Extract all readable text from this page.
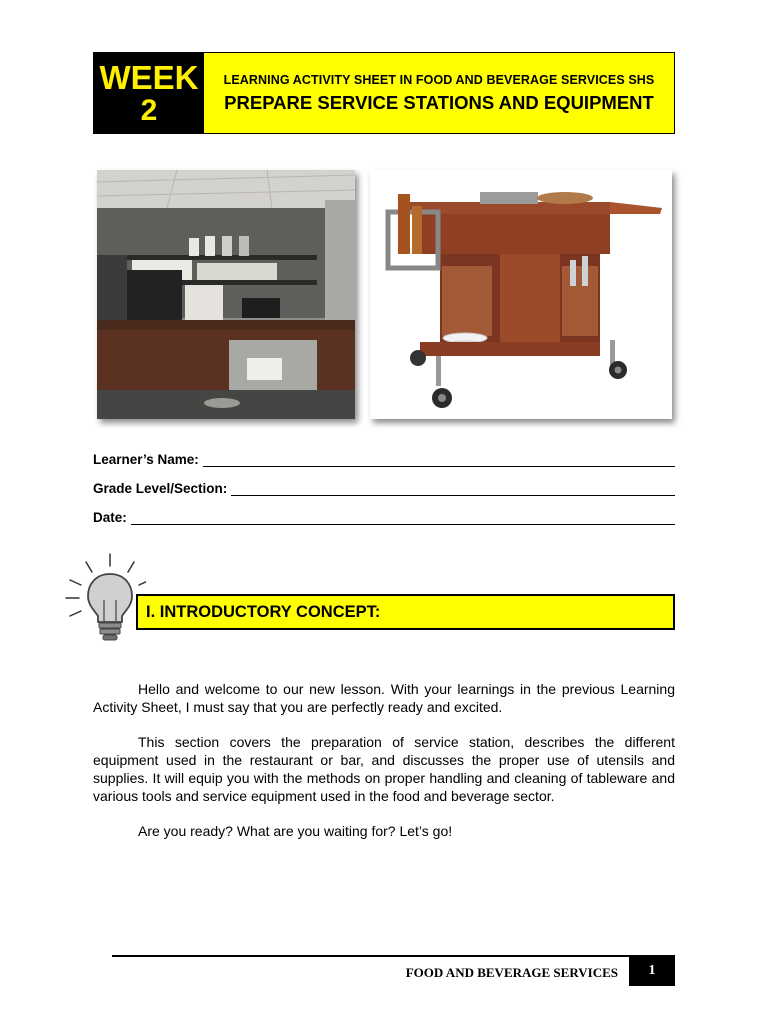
WEEK
2
LEARNING ACTIVITY SHEET IN FOOD AND BEVERAGE SERVICES SHS
PREPARE SERVICE STATIONS AND EQUIPMENT
Learner’s Name:
Grade Level/Section:
Date:
I. INTRODUCTORY CONCEPT:

Hello and welcome to our new lesson. With your learnings in the previous Learning Activity Sheet, I must say that you are perfectly ready and excited.

This section covers the preparation of service station, describes the different equipment used in the restaurant or bar, and discusses the proper use of utensils and supplies. It will equip you with the methods on proper handling and cleaning of tableware and various tools and service equipment used in the food and beverage sector.

Are you ready? What are you waiting for? Let’s go!

FOOD AND BEVERAGE SERVICES	1
